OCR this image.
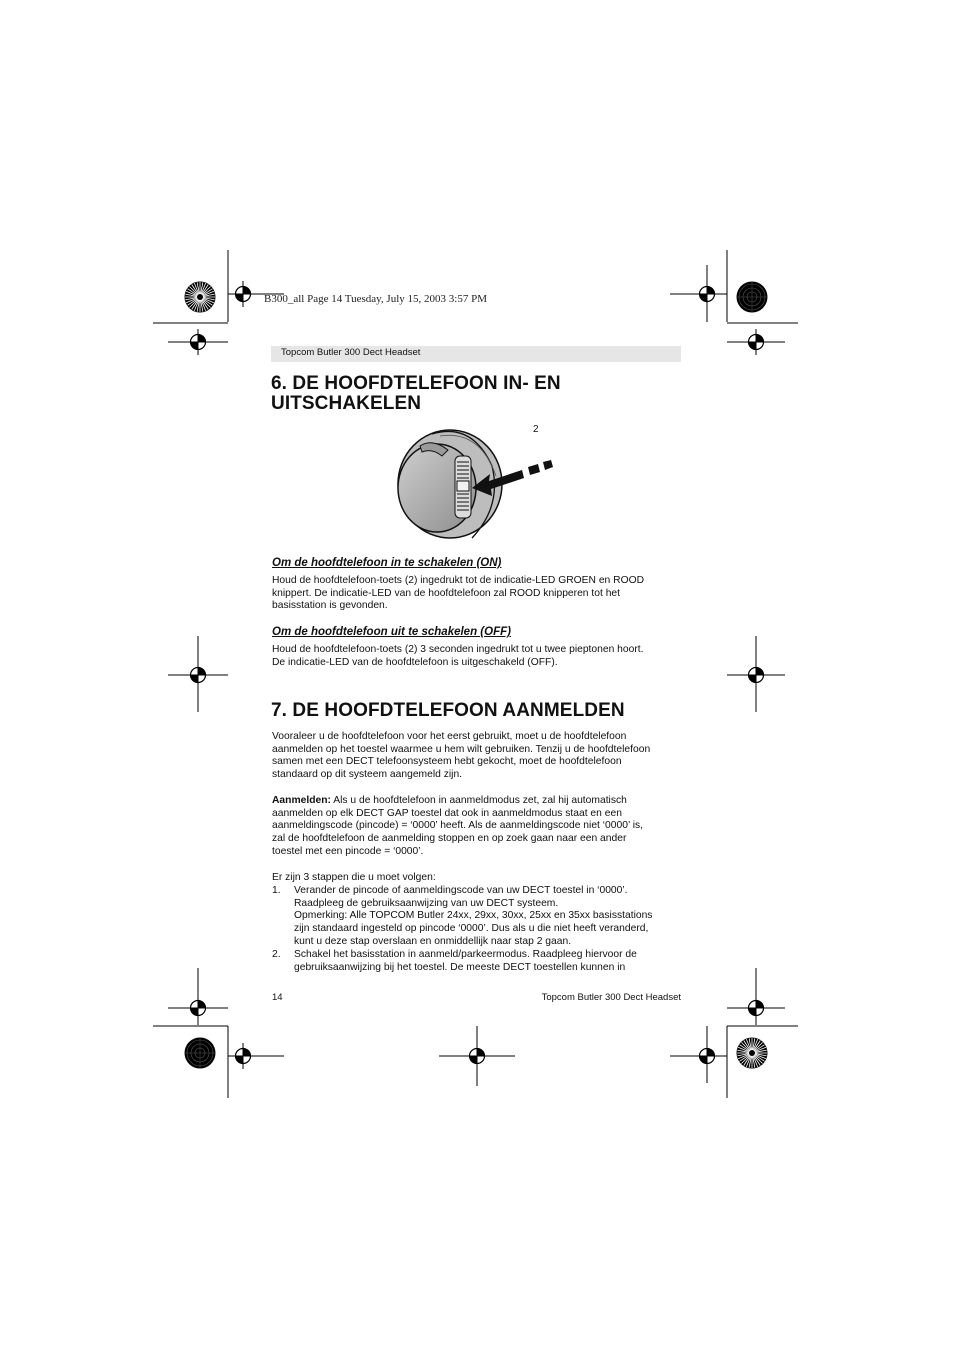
B300_all Page 14 Tuesday, July 15, 2003 3:57 PM
Topcom Butler 300 Dect Headset
6. DE HOOFDTELEFOON IN- EN
UITSCHAKELEN
2
Om de hoofdtelefoon in te schakelen (ON)

Houd de hoofdtelefoon-toets (2) ingedrukt tot de indicatie-LED GROEN en ROOD

knippert. De indicatie-LED van de hoofdtelefoon zal ROOD knipperen tot het

basisstation is gevonden.

Om de hoofdtelefoon uit te schakelen (OFF)

Houd de hoofdtelefoon-toets (2) 3 seconden ingedrukt tot u twee pieptonen hoort.

De indicatie-LED van de hoofdtelefoon is uitgeschakeld (OFF).

7. DE HOOFDTELEFOON AANMELDEN

Vooraleer u de hoofdtelefoon voor het eerst gebruikt, moet u de hoofdtelefoon

aanmelden op het toestel waarmee u hem wilt gebruiken. Tenzij u de hoofdtelefoon

samen met een DECT telefoonsysteem hebt gekocht, moet de hoofdtelefoon

standaard op dit systeem aangemeld zijn.

Aanmelden: Als u de hoofdtelefoon in aanmeldmodus zet, zal hij automatisch

aanmelden op elk DECT GAP toestel dat ook in aanmeldmodus staat en een

aanmeldingscode (pincode) = ‘0000’ heeft. Als de aanmeldingscode niet ‘0000’ is,

zal de hoofdtelefoon de aanmelding stoppen en op zoek gaan naar een ander

toestel met een pincode = ‘0000’.

Er zijn 3 stappen die u moet volgen:
1.	Verander de pincode of aanmeldingscode van uw DECT toestel in ‘0000’.
Raadpleeg de gebruiksaanwijzing van uw DECT systeem.
Opmerking: Alle TOPCOM Butler 24xx, 29xx, 30xx, 25xx en 35xx basisstations
zijn standaard ingesteld op pincode ‘0000’. Dus als u die niet heeft veranderd,
kunt u deze stap overslaan en onmiddellijk naar stap 2 gaan.
2.	Schakel het basisstation in aanmeld/parkeermodus. Raadpleeg hiervoor de
gebruiksaanwijzing bij het toestel. De meeste DECT toestellen kunnen in
14	Topcom Butler 300 Dect Headset
